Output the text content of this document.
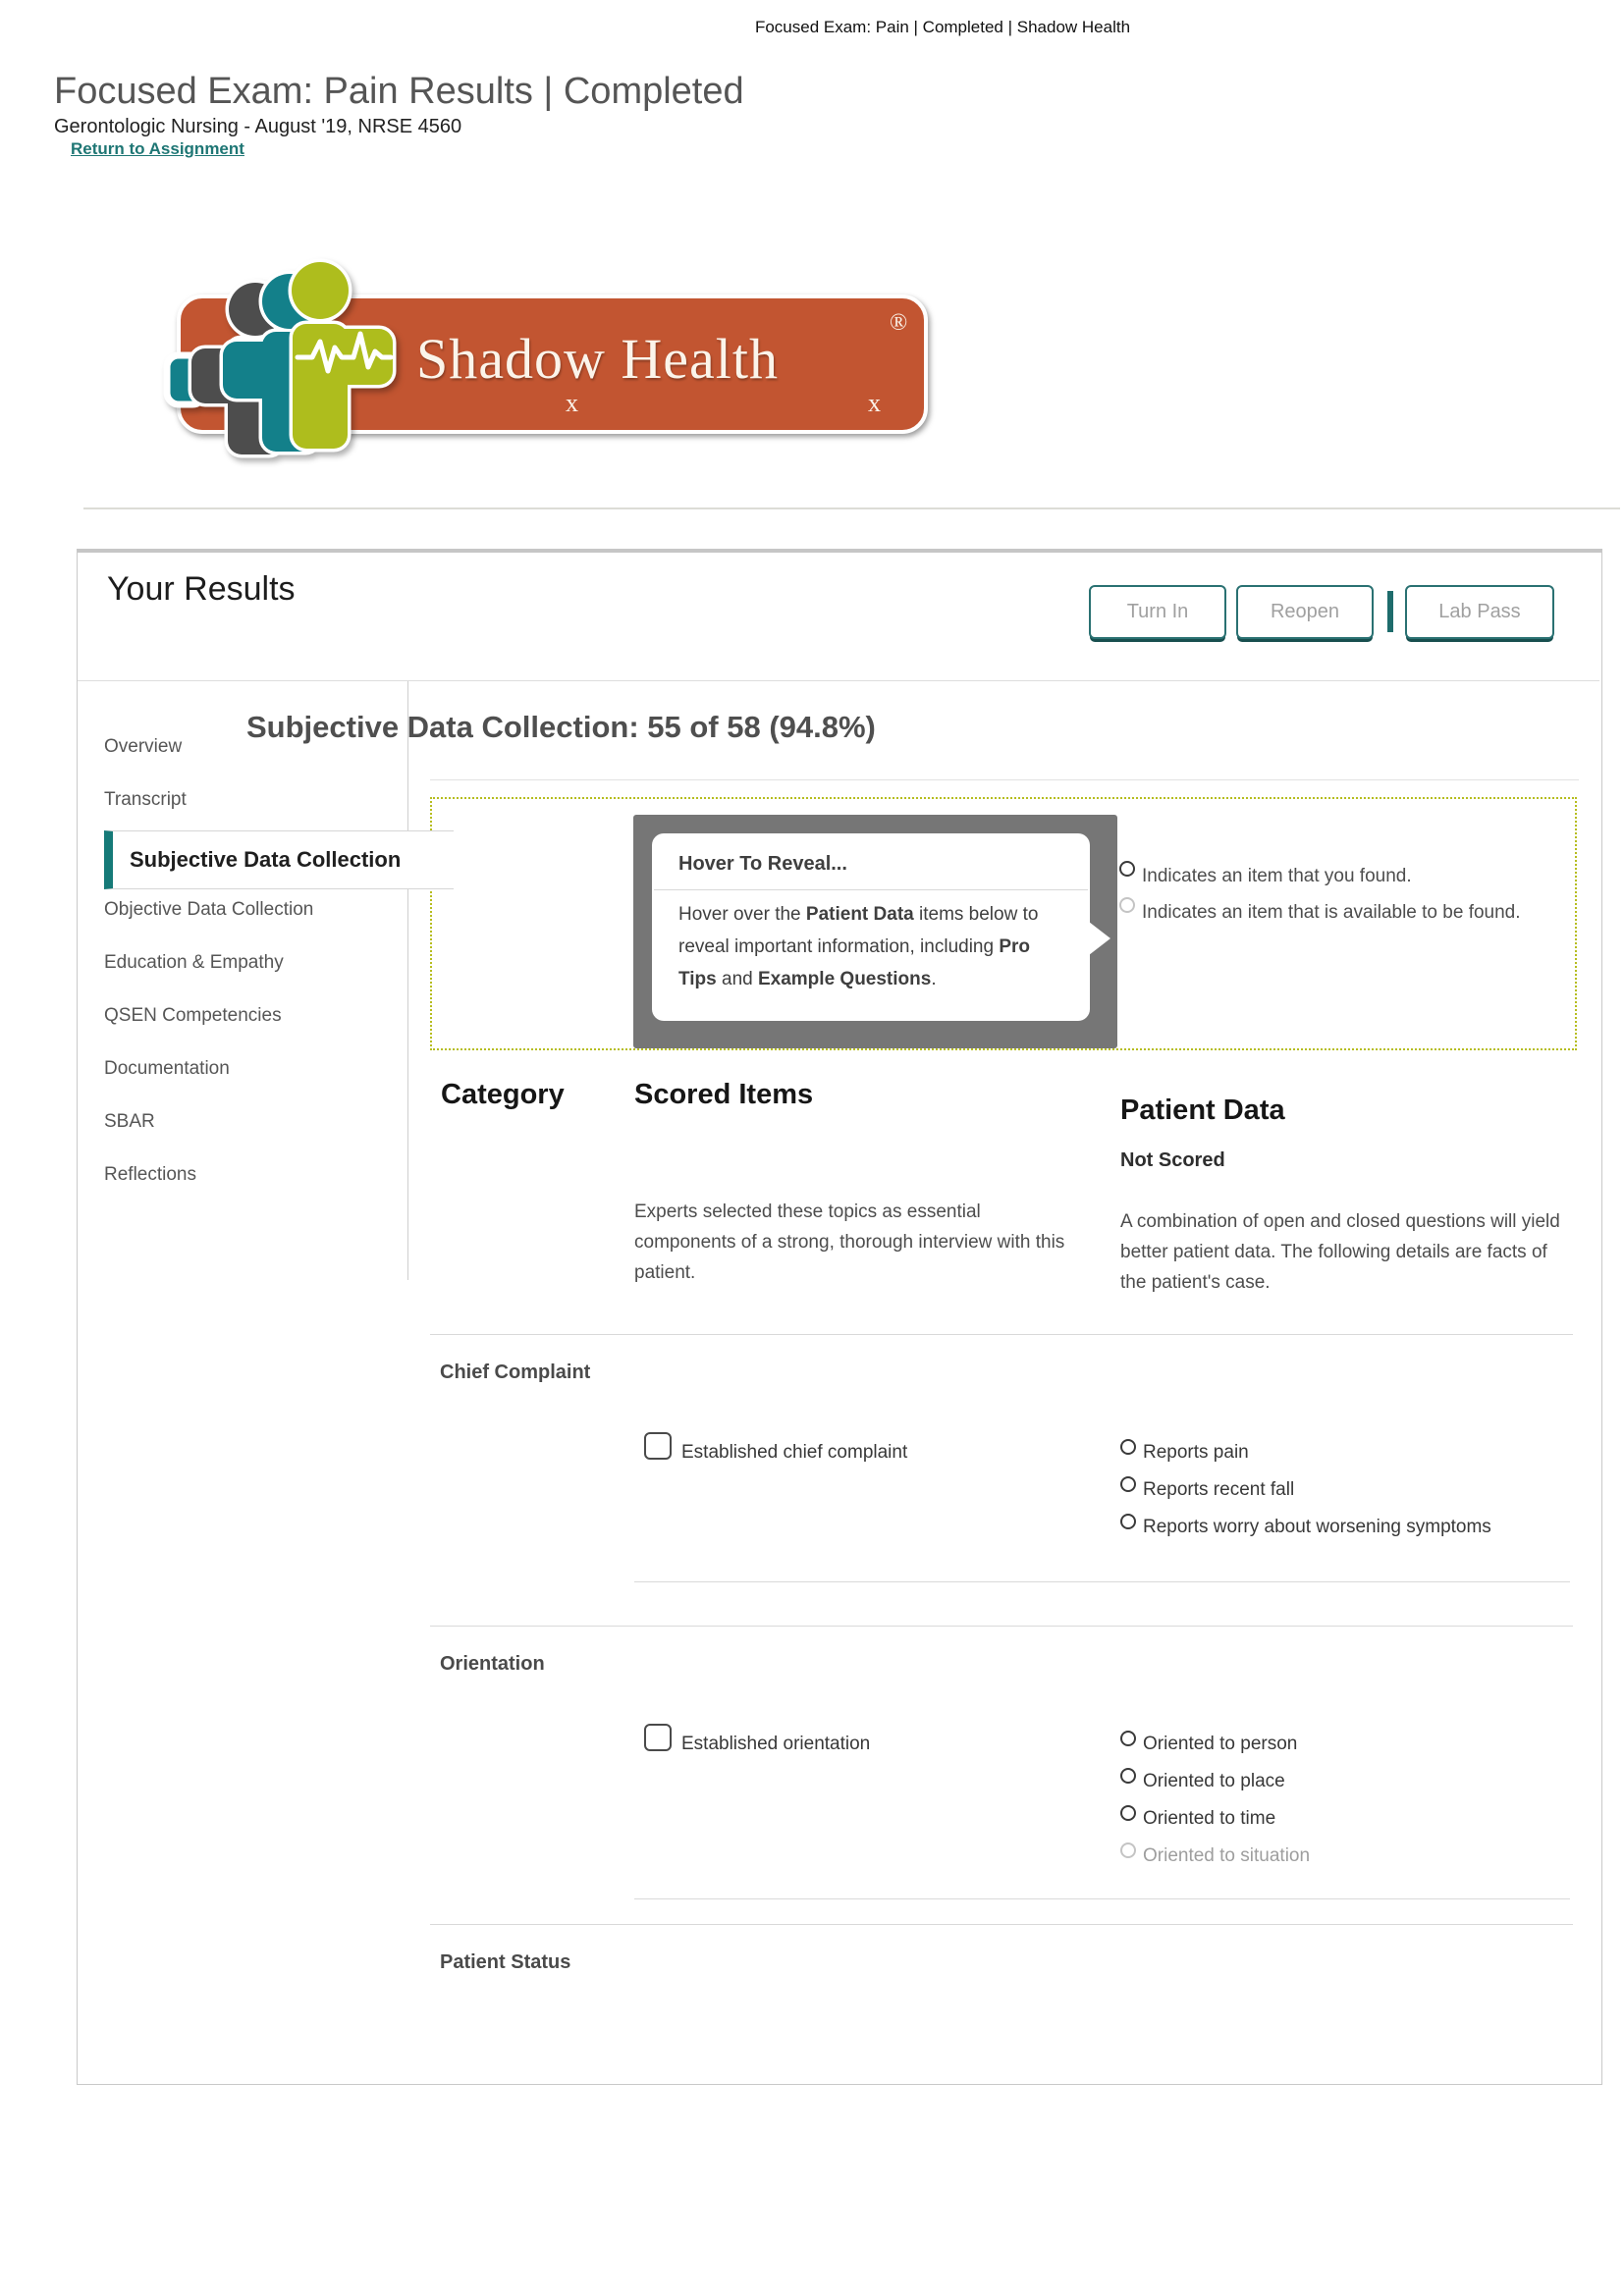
Focused Exam: Pain | Completed | Shadow Health
Focused Exam: Pain Results | Completed
Gerontologic Nursing - August '19, NRSE 4560
Return to Assignment
Shadow Health
®
x	x
Your Results
Turn In	Reopen	Lab Pass
Overview
Transcript
Subjective Data Collection
Objective Data Collection
Education & Empathy
QSEN Competencies
Documentation
SBAR
Reflections
Subjective Data Collection: 55 of 58 (94.8%)
Hover To Reveal...

Hover over the Patient Data items below to reveal important information, including Pro Tips and Example Questions.

Indicates an item that you found.
Indicates an item that is available to be found.
Category Scored Items	Patient Data
Not Scored
Experts selected these topics as essential components of a strong, thorough interview with this patient.
A combination of open and closed questions will yield better patient data. The following details are facts of the patient's case.
Chief Complaint
Established chief complaint	Reports pain
Reports recent fall
Reports worry about worsening symptoms
Orientation
Established orientation	Oriented to person
Oriented to place
Oriented to time
Oriented to situation
Patient Status
